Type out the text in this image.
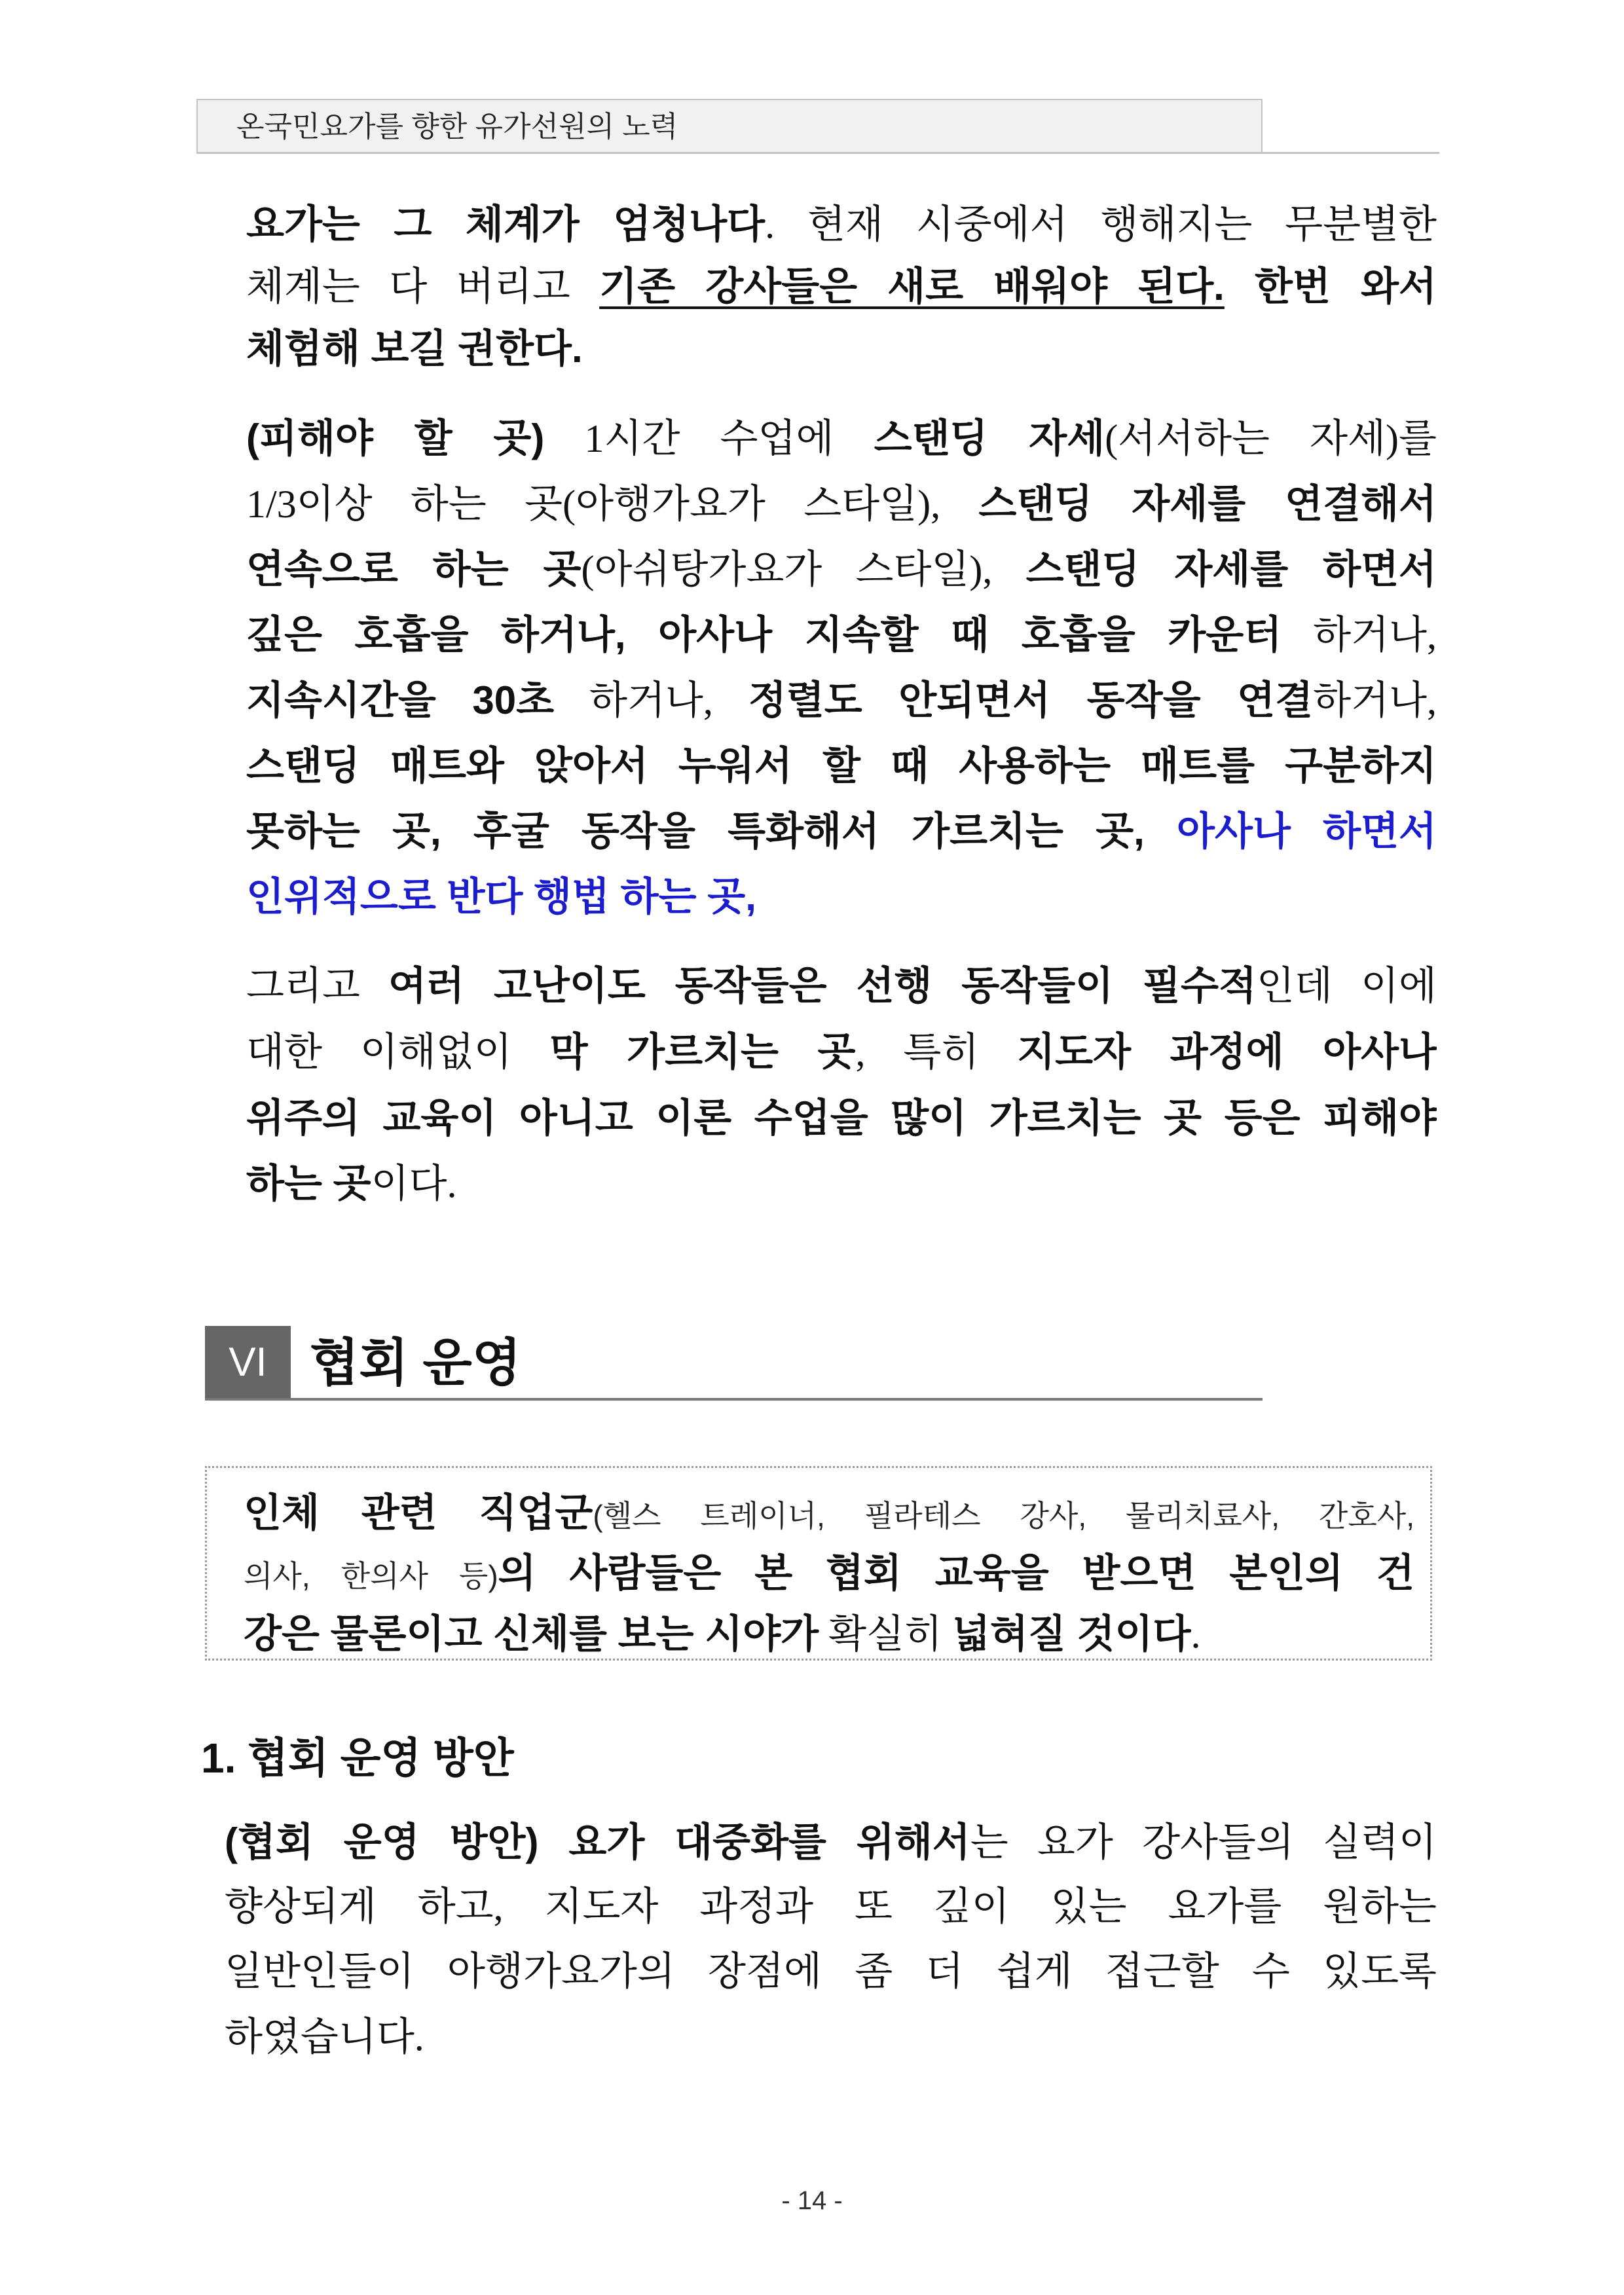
온국민요가를 향한 유가선원의 노력
요가는 그 체계가 엄청나다. 현재 시중에서 행해지는 무분별한
체계는 다 버리고 기존 강사들은 새로 배워야 된다. 한번 와서
체험해 보길 권한다.
(피해야 할 곳) 1시간 수업에 스탠딩 자세(서서하는 자세)를
1/3이상 하는 곳(아행가요가 스타일), 스탠딩 자세를 연결해서
연속으로 하는 곳(아쉬탕가요가 스타일), 스탠딩 자세를 하면서
깊은 호흡을 하거나, 아사나 지속할 때 호흡을 카운터 하거나,
지속시간을 30초 하거나, 정렬도 안되면서 동작을 연결하거나,
스탠딩 매트와 앉아서 누워서 할 때 사용하는 매트를 구분하지
못하는 곳, 후굴 동작을 특화해서 가르치는 곳, 아사나 하면서
인위적으로 반다 행법 하는 곳,
그리고 여러 고난이도 동작들은 선행 동작들이 필수적인데 이에
대한 이해없이 막 가르치는 곳, 특히 지도자 과정에 아사나
위주의 교육이 아니고 이론 수업을 많이 가르치는 곳 등은 피해야
하는 곳이다.
VI 협회 운영
인체 관련 직업군(헬스 트레이너, 필라테스 강사, 물리치료사, 간호사,
의사, 한의사 등)의 사람들은 본 협회 교육을 받으면 본인의 건
강은 물론이고 신체를 보는 시야가 확실히 넓혀질 것이다.
1. 협회 운영 방안
(협회 운영 방안) 요가 대중화를 위해서는 요가 강사들의 실력이
향상되게 하고, 지도자 과정과 또 깊이 있는 요가를 원하는
일반인들이 아행가요가의 장점에 좀 더 쉽게 접근할 수 있도록
하였습니다.
- 14 -
